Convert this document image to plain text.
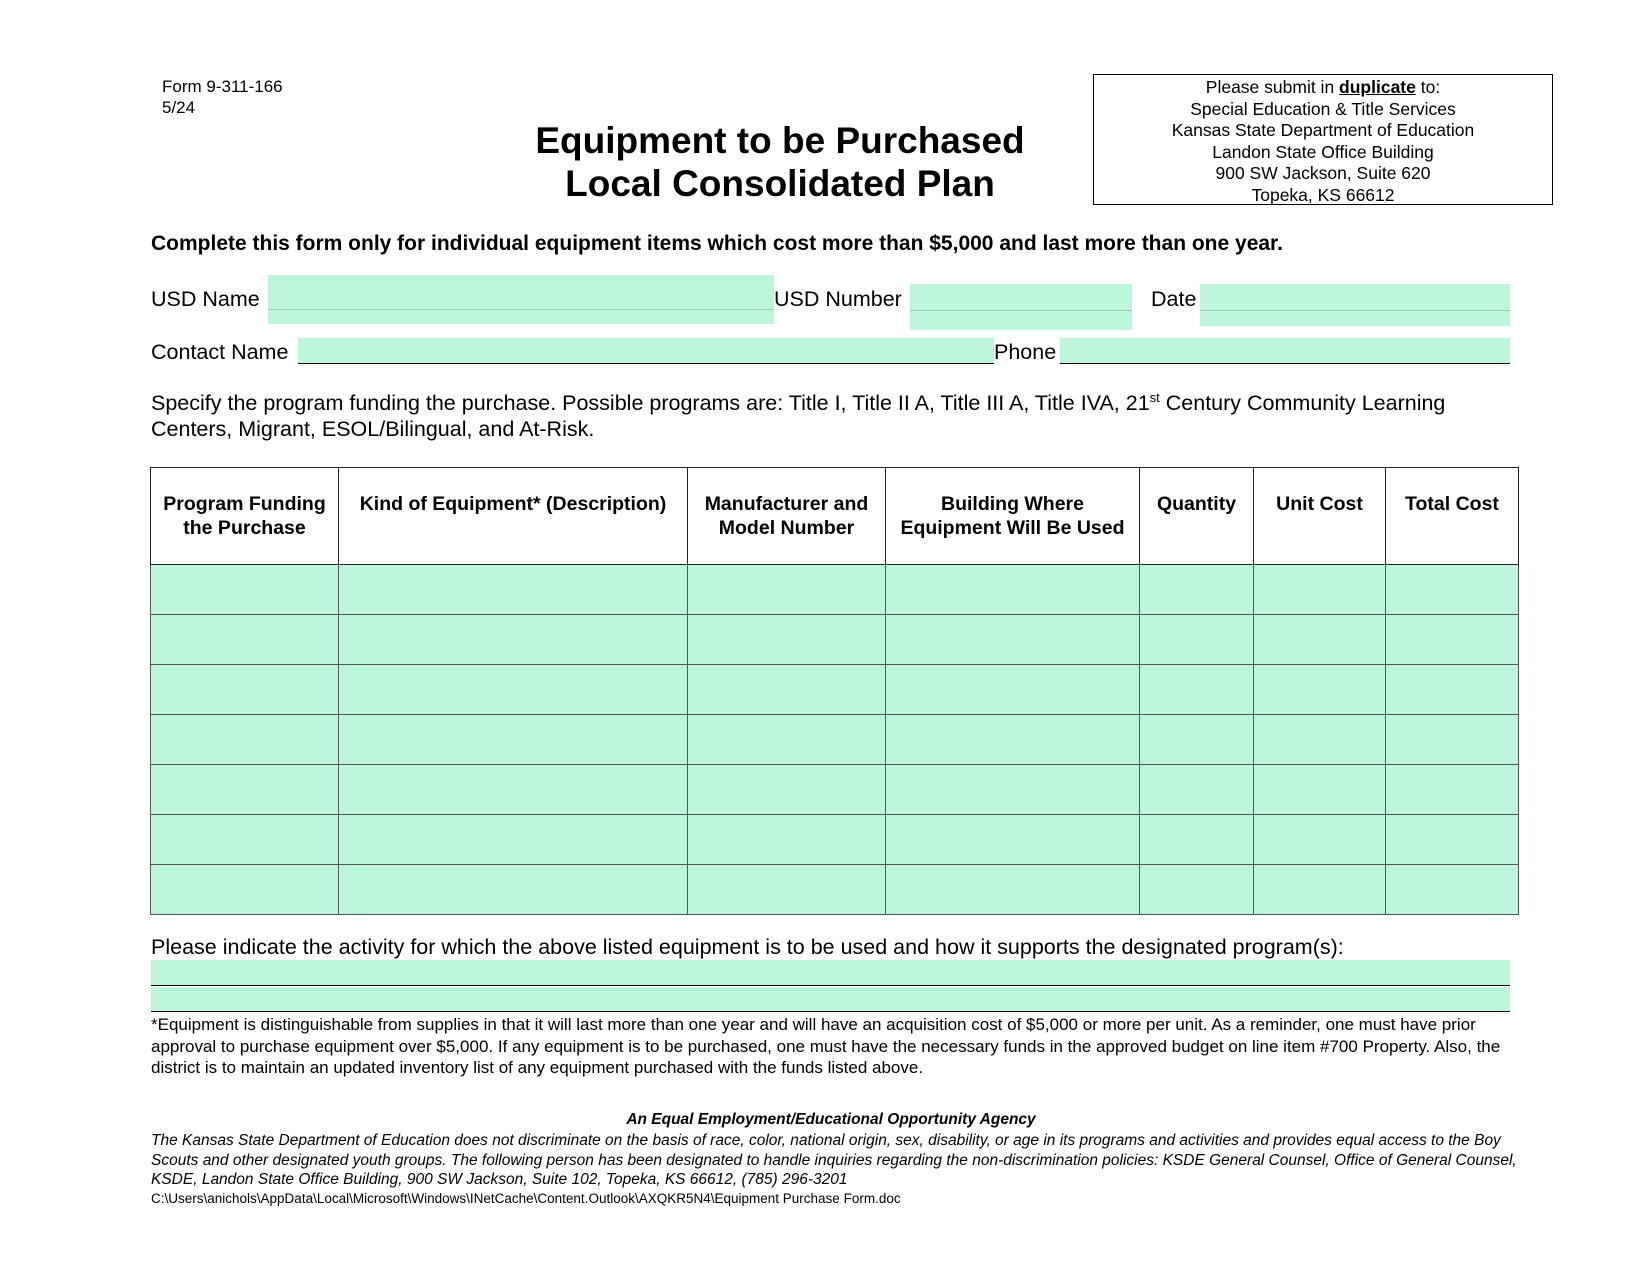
Form 9-311-166
5/24
Equipment to be Purchased
Local Consolidated Plan
Please submit in duplicate to:
Special Education & Title Services
Kansas State Department of Education
Landon State Office Building
900 SW Jackson, Suite 620
Topeka, KS 66612
Complete this form only for individual equipment items which cost more than $5,000 and last more than one year.
USD Name	USD Number	Date
Contact Name	Phone
Specify the program funding the purchase. Possible programs are: Title I, Title II A, Title III A, Title IVA, 21st Century Community Learning Centers, Migrant, ESOL/Bilingual, and At-Risk.
Program Funding the Purchase	Kind of Equipment* (Description)	Manufacturer and Model Number	Building Where Equipment Will Be Used	Quantity	Unit Cost	Total Cost

Please indicate the activity for which the above listed equipment is to be used and how it supports the designated program(s):
*Equipment is distinguishable from supplies in that it will last more than one year and will have an acquisition cost of $5,000 or more per unit. As a reminder, one must have prior approval to purchase equipment over $5,000. If any equipment is to be purchased, one must have the necessary funds in the approved budget on line item #700 Property. Also, the district is to maintain an updated inventory list of any equipment purchased with the funds listed above.
An Equal Employment/Educational Opportunity Agency
The Kansas State Department of Education does not discriminate on the basis of race, color, national origin, sex, disability, or age in its programs and activities and provides equal access to the Boy Scouts and other designated youth groups. The following person has been designated to handle inquiries regarding the non-discrimination policies: KSDE General Counsel, Office of General Counsel, KSDE, Landon State Office Building, 900 SW Jackson, Suite 102, Topeka, KS 66612, (785) 296-3201
C:\Users\anichols\AppData\Local\Microsoft\Windows\INetCache\Content.Outlook\AXQKR5N4\Equipment Purchase Form.doc
